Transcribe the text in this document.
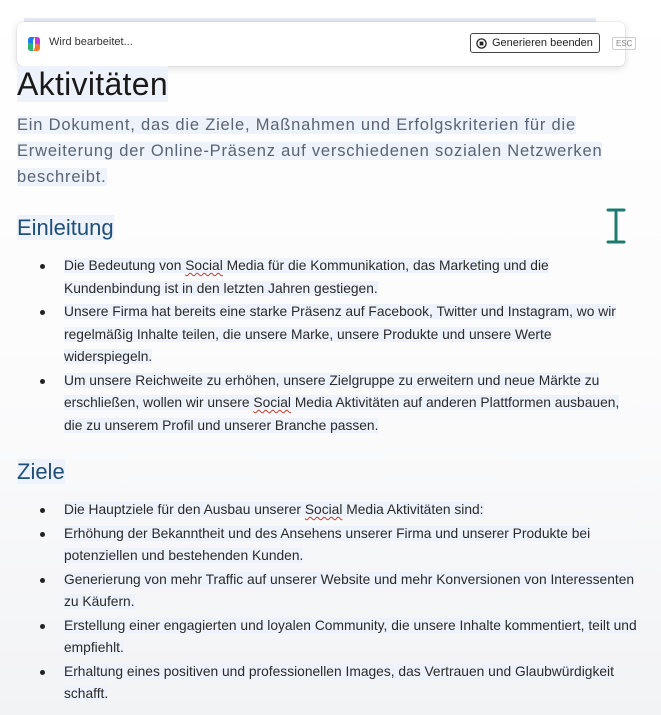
Wird bearbeitet...	Generieren beenden	ESC
Aktivitäten
Ein Dokument, das die Ziele, Maßnahmen und Erfolgskriterien für die Erweiterung der Online-Präsenz auf verschiedenen sozialen Netzwerken beschreibt.
Einleitung
Die Bedeutung von Social Media für die Kommunikation, das Marketing und die Kundenbindung ist in den letzten Jahren gestiegen.
Unsere Firma hat bereits eine starke Präsenz auf Facebook, Twitter und Instagram, wo wir regelmäßig Inhalte teilen, die unsere Marke, unsere Produkte und unsere Werte widerspiegeln.
Um unsere Reichweite zu erhöhen, unsere Zielgruppe zu erweitern und neue Märkte zu erschließen, wollen wir unsere Social Media Aktivitäten auf anderen Plattformen ausbauen, die zu unserem Profil und unserer Branche passen.
Ziele
Die Hauptziele für den Ausbau unserer Social Media Aktivitäten sind:
Erhöhung der Bekanntheit und des Ansehens unserer Firma und unserer Produkte bei potenziellen und bestehenden Kunden.
Generierung von mehr Traffic auf unserer Website und mehr Konversionen von Interessenten zu Käufern.
Erstellung einer engagierten und loyalen Community, die unsere Inhalte kommentiert, teilt und empfiehlt.
Erhaltung eines positiven und professionellen Images, das Vertrauen und Glaubwürdigkeit schafft.
